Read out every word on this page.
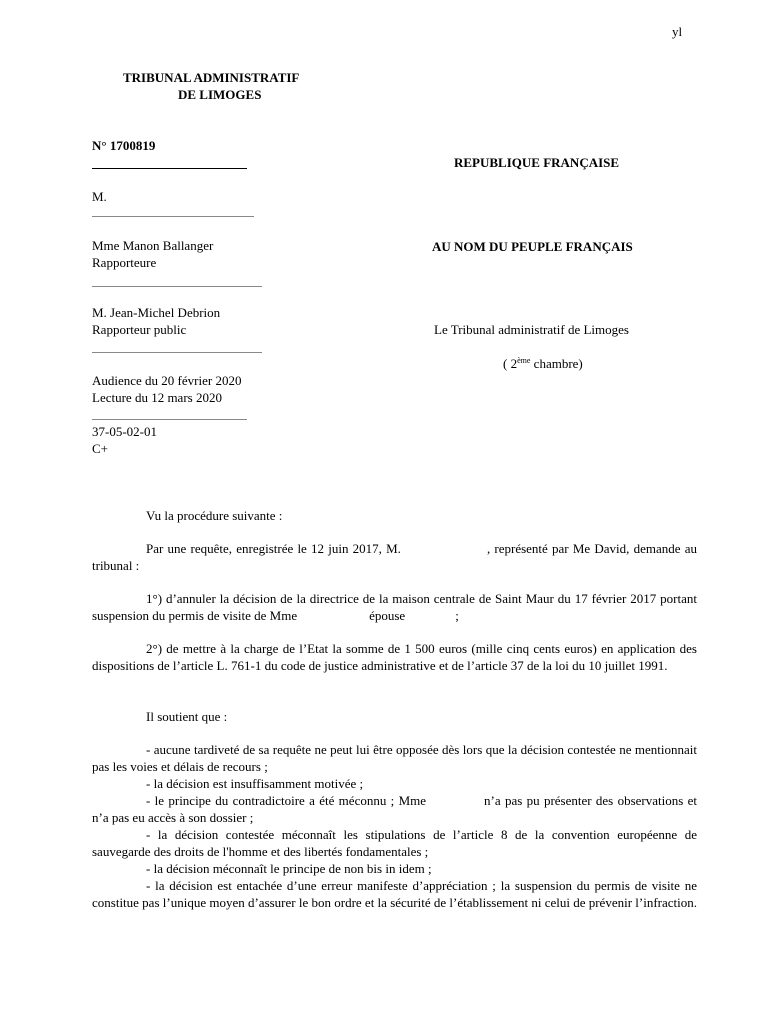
yl
TRIBUNAL ADMINISTRATIF
DE LIMOGES
N° 1700819
M.
Mme Manon Ballanger
Rapporteure
M. Jean-Michel Debrion
Rapporteur public
Audience du 20 février 2020
Lecture du 12 mars 2020
37-05-02-01
C+
REPUBLIQUE FRANÇAISE
AU NOM DU PEUPLE FRANÇAIS
Le Tribunal administratif de Limoges
( 2ème chambre)

Vu la procédure suivante :

Par une requête, enregistrée le 12 juin 2017, M.	, représenté par Me David, demande au tribunal :

1°) d’annuler la décision de la directrice de la maison centrale de Saint Maur du 17 février 2017 portant suspension du permis de visite de Mme	épouse	;

2°) de mettre à la charge de l’Etat la somme de 1 500 euros (mille cinq cents euros) en application des dispositions de l’article L. 761-1 du code de justice administrative et de l’article 37 de la loi du 10 juillet 1991.

Il soutient que :

- aucune tardiveté de sa requête ne peut lui être opposée dès lors que la décision contestée ne mentionnait pas les voies et délais de recours ;

- la décision est insuffisamment motivée ;

- le principe du contradictoire a été méconnu ; Mme	n’a pas pu présenter des observations et n’a pas eu accès à son dossier ;

- la décision contestée méconnaît les stipulations de l’article 8 de la convention européenne de sauvegarde des droits de l'homme et des libertés fondamentales ;

- la décision méconnaît le principe de non bis in idem ;

- la décision est entachée d’une erreur manifeste d’appréciation ; la suspension du permis de visite ne constitue pas l’unique moyen d’assurer le bon ordre et la sécurité de l’établissement ni celui de prévenir l’infraction.
